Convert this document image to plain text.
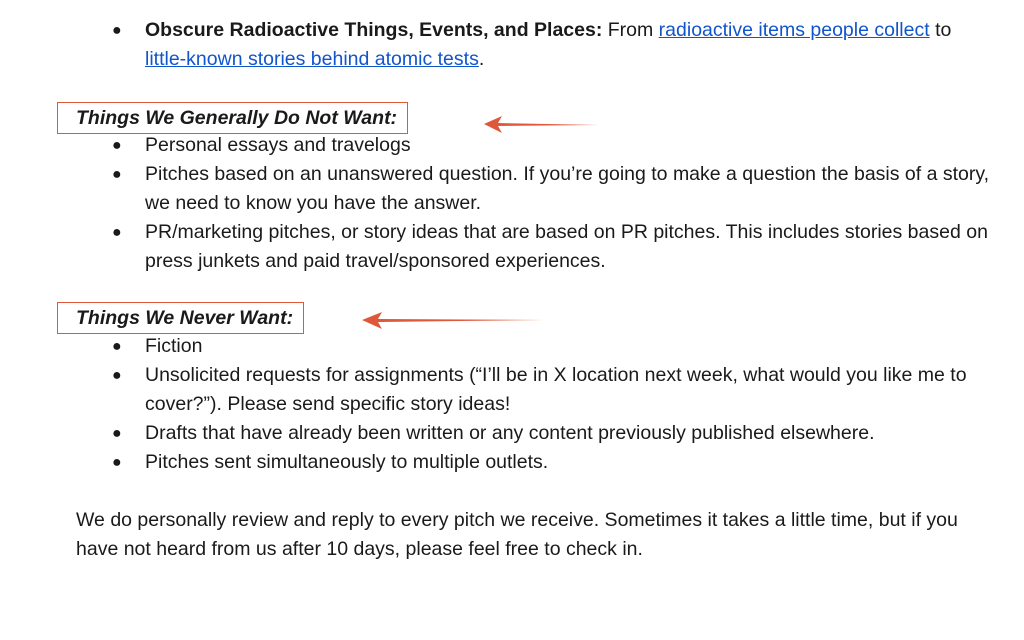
● Obscure Radioactive Things, Events, and Places: From radioactive items people collect to little-known stories behind atomic tests.
Things We Generally Do Not Want:
● Personal essays and travelogs
● Pitches based on an unanswered question. If you’re going to make a question the basis of a story, we need to know you have the answer.
● PR/marketing pitches, or story ideas that are based on PR pitches. This includes stories based on press junkets and paid travel/sponsored experiences.
Things We Never Want:
● Fiction
● Unsolicited requests for assignments (“I’ll be in X location next week, what would you like me to cover?”). Please send specific story ideas!
● Drafts that have already been written or any content previously published elsewhere.
● Pitches sent simultaneously to multiple outlets.

We do personally review and reply to every pitch we receive. Sometimes it takes a little time, but if you have not heard from us after 10 days, please feel free to check in.
